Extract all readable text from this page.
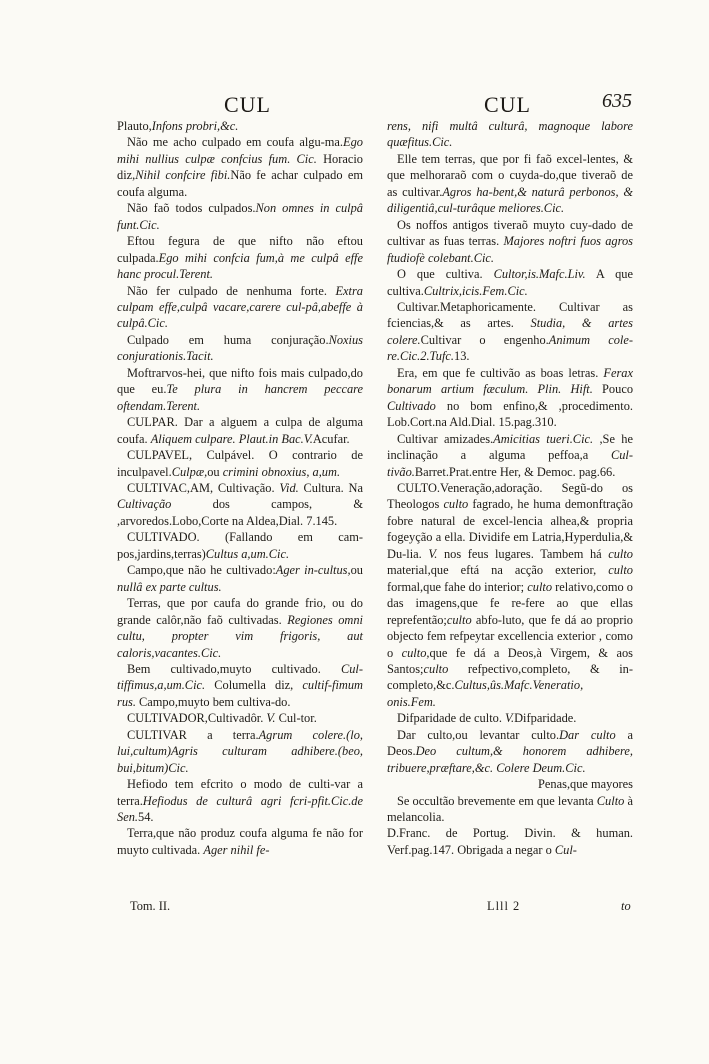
CUL	CUL	635

Plauto,Infons probri,&c.

Não me acho culpado em coufa algu-ma.Ego mihi nullius culpæ confcius fum. Cic. Horacio diz,Nihil confcire fibi.Não fe achar culpado em coufa alguma.

Não faõ todos culpados.Non omnes in culpâ funt.Cic.

Eftou fegura de que nifto não eftou culpada.Ego mihi confcia fum,à me culpâ effe hanc procul.Terent.

Não fer culpado de nenhuma forte. Extra culpam effe,culpâ vacare,carere cul-pâ,abeffe à culpâ.Cic.

Culpado em huma conjuração.Noxius conjurationis.Tacit.

Moftrarvos-hei, que nifto fois mais culpado,do que eu.Te plura in hancrem peccare oftendam.Terent.

CULPAR. Dar a alguem a culpa de alguma coufa. Aliquem culpare. Plaut.in Bac.V.Acufar.

CULPAVEL, Culpável. O contrario de inculpavel.Culpæ,ou crimini obnoxius, a,um.

CULTIVAC,AM, Cultivação. Vid. Cultura. Na Cultivação dos campos, & ,arvoredos.Lobo,Corte na Aldea,Dial. 7.145.

CULTIVADO. (Fallando em cam-pos,jardins,terras)Cultus a,um.Cic.

Campo,que não he cultivado:Ager in-cultus,ou nullâ ex parte cultus.

Terras, que por caufa do grande frio, ou do grande calôr,não faõ cultivadas. Regiones omni cultu, propter vim frigoris, aut caloris,vacantes.Cic.

Bem cultivado,muyto cultivado. Cul-tiffimus,a,um.Cic. Columella diz, cultif-fimum rus. Campo,muyto bem cultiva-do.

CULTIVADOR,Cultivadôr. V. Cul-tor.

CULTIVAR a terra.Agrum colere.(lo, lui,cultum)Agris culturam adhibere.(beo, bui,bitum)Cic.

Hefiodo tem efcrito o modo de culti-var a terra.Hefiodus de culturâ agri fcri-pfit.Cic.de Sen.54.

Terra,que não produz coufa alguma fe não for muyto cultivada. Ager nihil fe-

rens, nifi multâ culturâ, magnoque labore quæfitus.Cic.

Elle tem terras, que por fi faõ excel-lentes, & que melhoraraõ com o cuyda-do,que tiveraõ de as cultivar.Agros ha-bent,& naturâ perbonos, & diligentiâ,cul-turâque meliores.Cic.

Os noffos antigos tiveraõ muyto cuy-dado de cultivar as fuas terras. Majores noftri fuos agros ftudiofè colebant.Cic.

O que cultiva. Cultor,is.Mafc.Liv. A que cultiva.Cultrix,icis.Fem.Cic.

Cultivar.Metaphoricamente. Cultivar as fciencias,& as artes. Studia, & artes colere.Cultivar o engenho.Animum cole-re.Cic.2.Tufc.13.

Era, em que fe cultivão as boas letras. Ferax bonarum artium fæculum. Plin. Hift. Pouco Cultivado no bom enfino,& ,procedimento. Lob.Cort.na Ald.Dial. 15.pag.310.

Cultivar amizades.Amicitias tueri.Cic. ,Se he inclinação a alguma peffoa,a Cul-tivão.Barret.Prat.entre Her, & Democ. pag.66.

CULTO.Veneração,adoração. Segũ-do os Theologos culto fagrado, he huma demonftração fobre natural de excel-lencia alhea,& propria fogeyção a ella. Dividife em Latria,Hyperdulia,& Du-lia. V. nos feus lugares. Tambem há culto material,que eftá na acção exterior, culto formal,que fahe do interior; culto relativo,como o das imagens,que fe re-fere ao que ellas reprefentão;culto abfo-luto, que fe dá ao proprio objecto fem refpeytar excellencia exterior , como o culto,que fe dá a Deos,à Virgem, & aos Santos;culto refpectivo,completo, & in-completo,&c.Cultus,ûs.Mafc.Veneratio, onis.Fem.

Difparidade de culto. V.Difparidade.

Dar culto,ou levantar culto.Dar culto a Deos.Deo cultum,& honorem adhibere, tribuere,præftare,&c. Colere Deum.Cic.

Penas,que mayores

Se occultão brevemente em que levanta Culto à melancolia.

D.Franc. de Portug. Divin. & human. Verf.pag.147. Obrigada a negar o Cul-

Tom. II.	Llll 2	to
